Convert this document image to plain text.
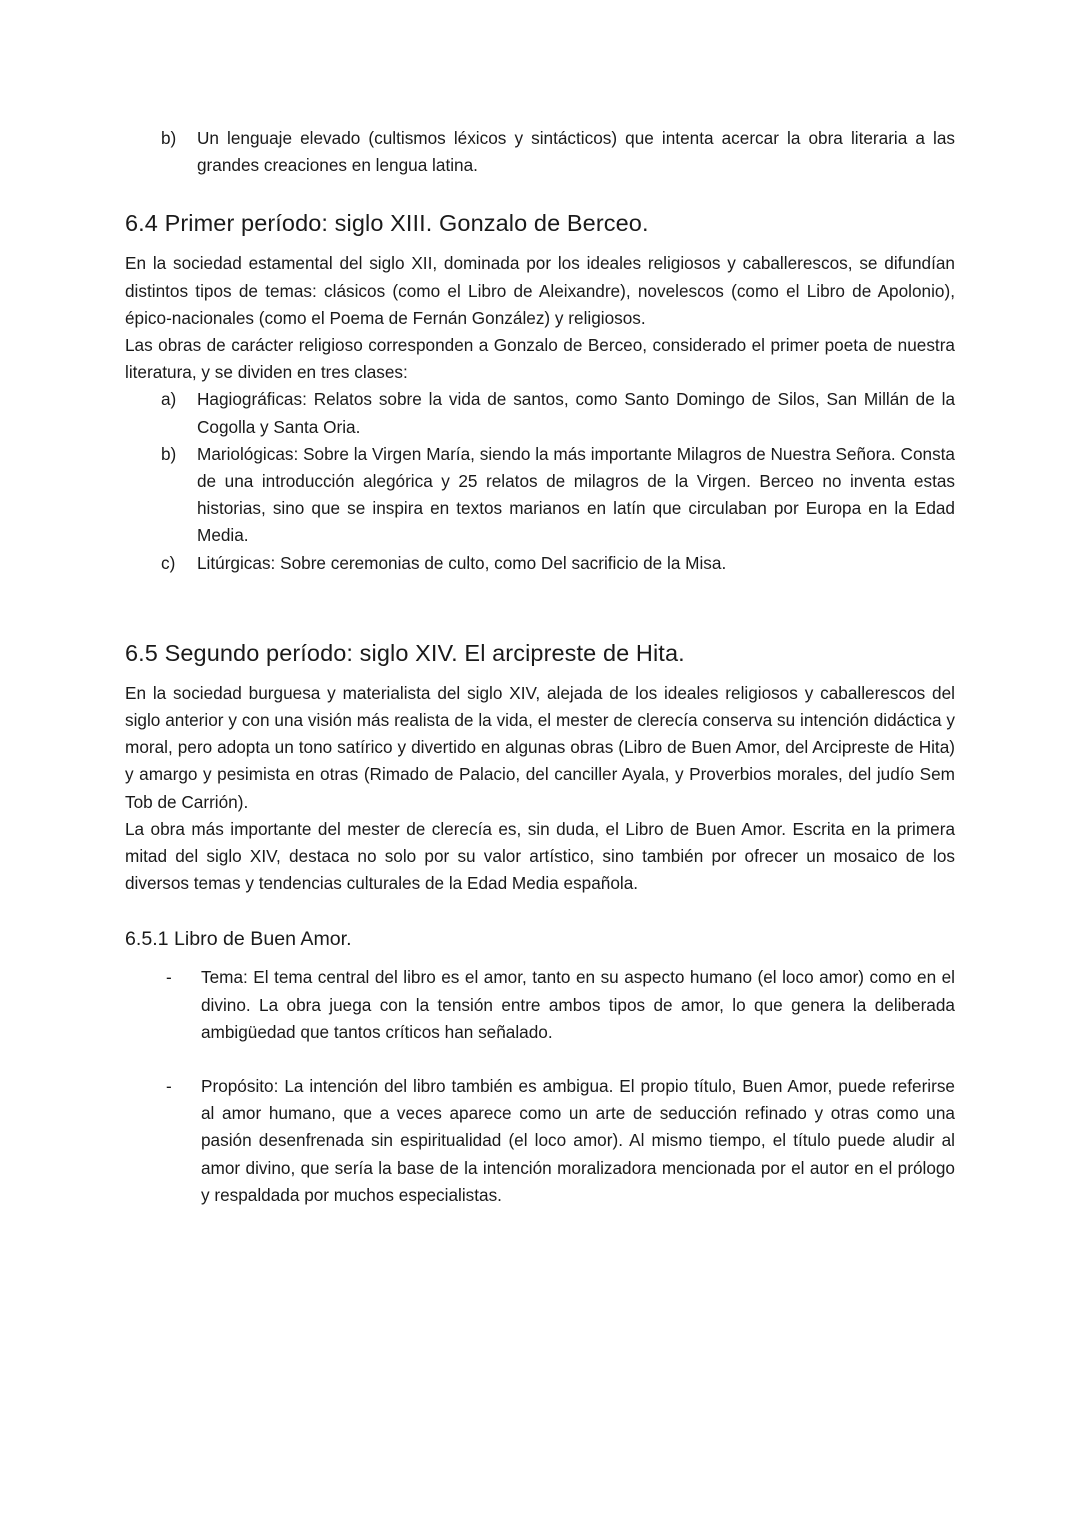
b)	Un lenguaje elevado (cultismos léxicos y sintácticos) que intenta acercar la obra literaria a las grandes creaciones en lengua latina.
6.4 Primer período: siglo XIII. Gonzalo de Berceo.

En la sociedad estamental del siglo XII, dominada por los ideales religiosos y caballerescos, se difundían distintos tipos de temas: clásicos (como el Libro de Aleixandre), novelescos (como el Libro de Apolonio), épico-nacionales (como el Poema de Fernán González) y religiosos.

Las obras de carácter religioso corresponden a Gonzalo de Berceo, considerado el primer poeta de nuestra literatura, y se dividen en tres clases:

a)	Hagiográficas: Relatos sobre la vida de santos, como Santo Domingo de Silos, San Millán de la Cogolla y Santa Oria.
b)	Mariológicas: Sobre la Virgen María, siendo la más importante Milagros de Nuestra Señora. Consta de una introducción alegórica y 25 relatos de milagros de la Virgen. Berceo no inventa estas historias, sino que se inspira en textos marianos en latín que circulaban por Europa en la Edad Media.
c)	Litúrgicas: Sobre ceremonias de culto, como Del sacrificio de la Misa.
6.5 Segundo período: siglo XIV. El arcipreste de Hita.

En la sociedad burguesa y materialista del siglo XIV, alejada de los ideales religiosos y caballerescos del siglo anterior y con una visión más realista de la vida, el mester de clerecía conserva su intención didáctica y moral, pero adopta un tono satírico y divertido en algunas obras (Libro de Buen Amor, del Arcipreste de Hita) y amargo y pesimista en otras (Rimado de Palacio, del canciller Ayala, y Proverbios morales, del judío Sem Tob de Carrión).

La obra más importante del mester de clerecía es, sin duda, el Libro de Buen Amor. Escrita en la primera mitad del siglo XIV, destaca no solo por su valor artístico, sino también por ofrecer un mosaico de los diversos temas y tendencias culturales de la Edad Media española.

6.5.1 Libro de Buen Amor.
-	Tema: El tema central del libro es el amor, tanto en su aspecto humano (el loco amor) como en el divino. La obra juega con la tensión entre ambos tipos de amor, lo que genera la deliberada ambigüedad que tantos críticos han señalado.
-	Propósito: La intención del libro también es ambigua. El propio título, Buen Amor, puede referirse al amor humano, que a veces aparece como un arte de seducción refinado y otras como una pasión desenfrenada sin espiritualidad (el loco amor). Al mismo tiempo, el título puede aludir al amor divino, que sería la base de la intención moralizadora mencionada por el autor en el prólogo y respaldada por muchos especialistas.
